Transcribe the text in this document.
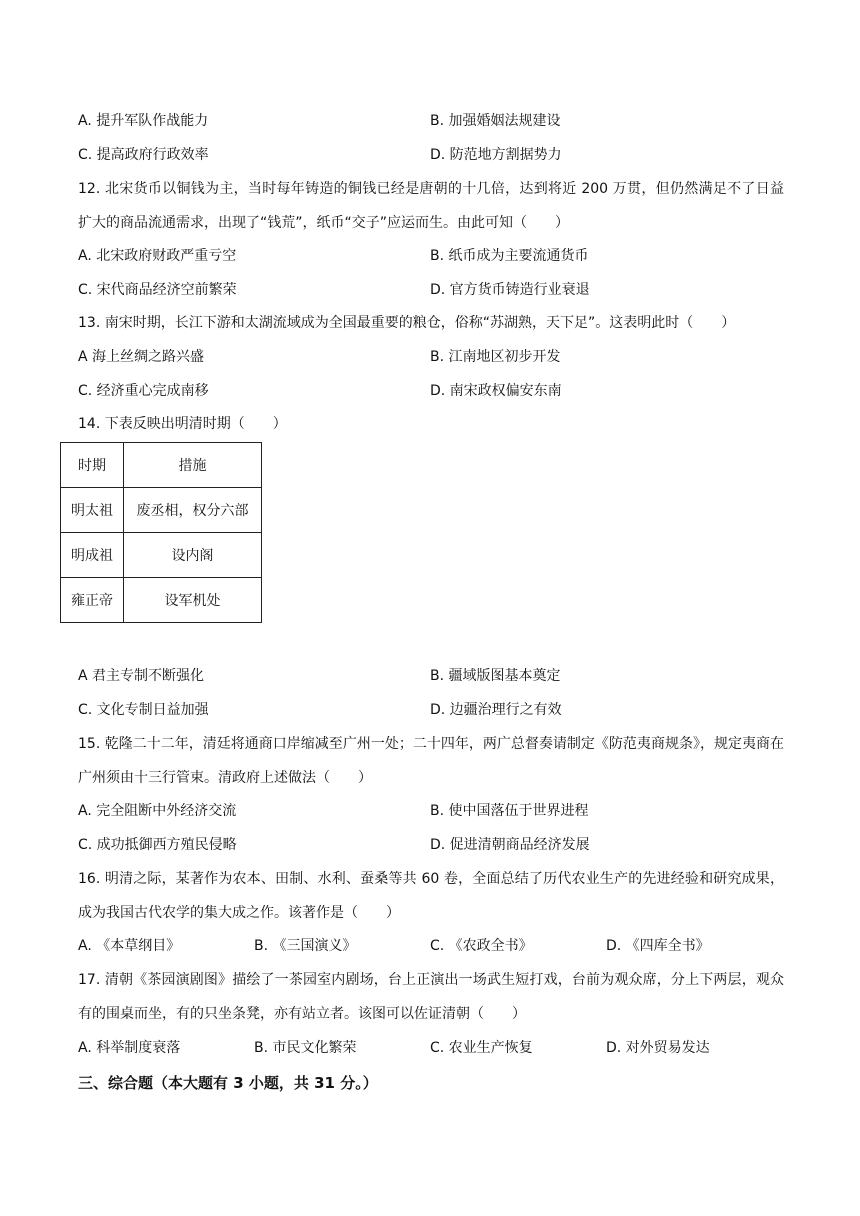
A. 提升军队作战能力	B. 加强婚姻法规建设
C. 提高政府行政效率	D. 防范地方割据势力
12. 北宋货币以铜钱为主，当时每年铸造的铜钱已经是唐朝的十几倍，达到将近 200 万贯，但仍然满足不了日益扩大的商品流通需求，出现了“钱荒”，纸币“交子”应运而生。由此可知（　　）
A. 北宋政府财政严重亏空	B. 纸币成为主要流通货币
C. 宋代商品经济空前繁荣	D. 官方货币铸造行业衰退
13. 南宋时期，长江下游和太湖流域成为全国最重要的粮仓，俗称“苏湖熟，天下足”。这表明此时（　　）
A 海上丝绸之路兴盛	B. 江南地区初步开发
C. 经济重心完成南移	D. 南宋政权偏安东南
14. 下表反映出明清时期（　　）
时期	措施
明太祖	废丞相，权分六部
明成祖	设内阁
雍正帝	设军机处
A 君主专制不断强化	B. 疆域版图基本奠定
C. 文化专制日益加强	D. 边疆治理行之有效
15. 乾隆二十二年，清廷将通商口岸缩减至广州一处；二十四年，两广总督奏请制定《防范夷商规条》，规定夷商在广州须由十三行管束。清政府上述做法（　　）
A. 完全阻断中外经济交流	B. 使中国落伍于世界进程
C. 成功抵御西方殖民侵略	D. 促进清朝商品经济发展
16. 明清之际，某著作为农本、田制、水利、蚕桑等共 60 卷，全面总结了历代农业生产的先进经验和研究成果，成为我国古代农学的集大成之作。该著作是（　　）
A. 《本草纲目》	B. 《三国演义》	C. 《农政全书》	D. 《四库全书》
17. 清朝《茶园演剧图》描绘了一茶园室内剧场，台上正演出一场武生短打戏，台前为观众席，分上下两层，观众有的围桌而坐，有的只坐条凳，亦有站立者。该图可以佐证清朝（　　）
A. 科举制度衰落	B. 市民文化繁荣	C. 农业生产恢复	D. 对外贸易发达
三、综合题（本大题有 3 小题，共 31 分。）
